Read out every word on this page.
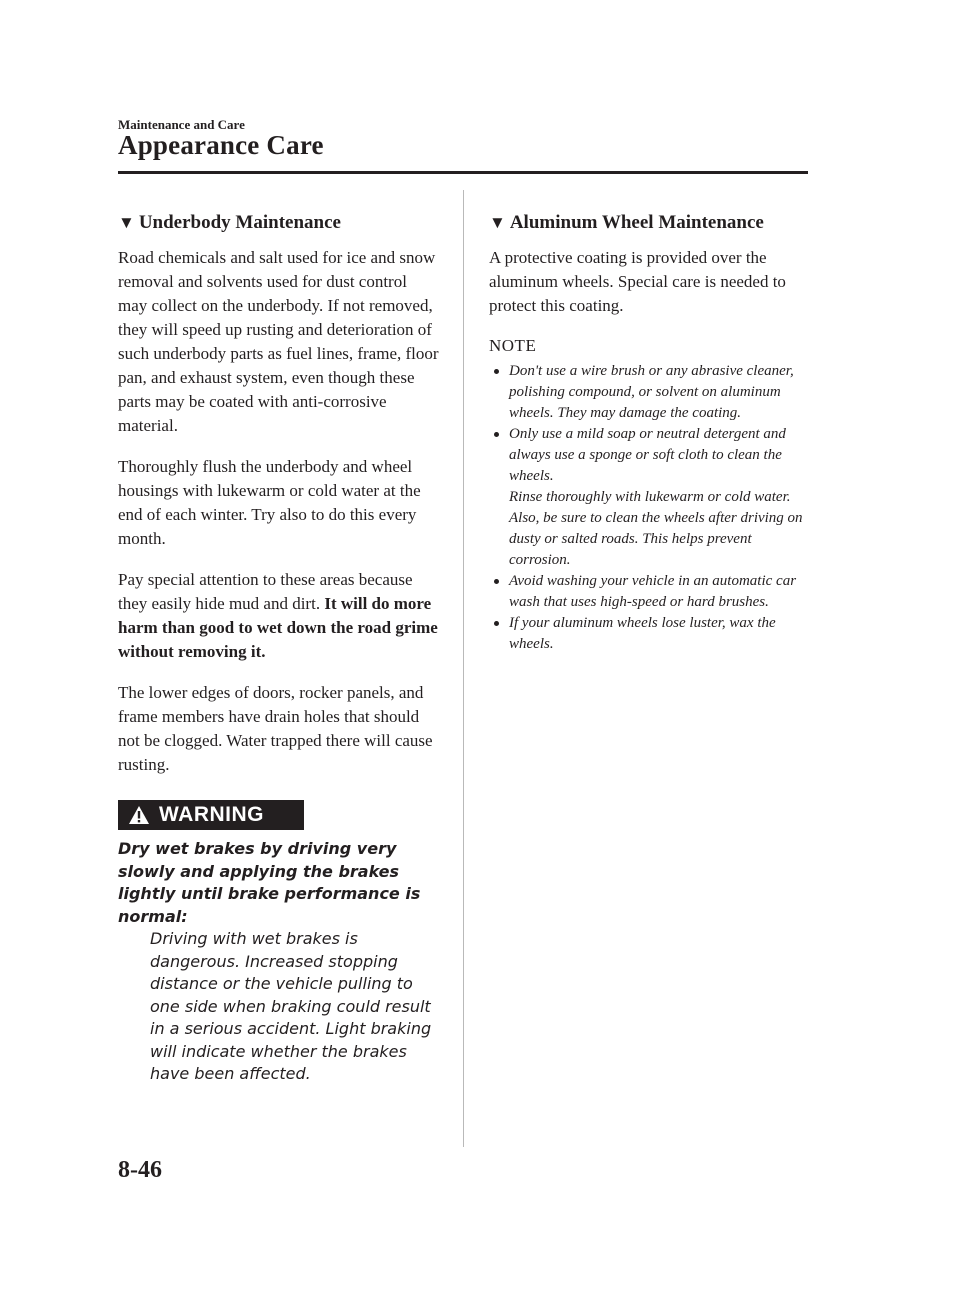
Maintenance and Care
Appearance Care
▼ Underbody Maintenance

Road chemicals and salt used for ice and snow removal and solvents used for dust control may collect on the underbody. If not removed, they will speed up rusting and deterioration of such underbody parts as fuel lines, frame, floor pan, and exhaust system, even though these parts may be coated with anti-corrosive material.

Thoroughly flush the underbody and wheel housings with lukewarm or cold water at the end of each winter. Try also to do this every month.

Pay special attention to these areas because they easily hide mud and dirt. It will do more harm than good to wet down the road grime without removing it.

The lower edges of doors, rocker panels, and frame members have drain holes that should not be clogged. Water trapped there will cause rusting.

WARNING
Dry wet brakes by driving very slowly and applying the brakes lightly until brake performance is normal:
Driving with wet brakes is dangerous. Increased stopping distance or the vehicle pulling to one side when braking could result in a serious accident. Light braking will indicate whether the brakes have been affected.
▼ Aluminum Wheel Maintenance

A protective coating is provided over the aluminum wheels. Special care is needed to protect this coating.

NOTE
Don't use a wire brush or any abrasive cleaner, polishing compound, or solvent on aluminum wheels. They may damage the coating.
Only use a mild soap or neutral detergent and always use a sponge or soft cloth to clean the wheels.
Rinse thoroughly with lukewarm or cold water. Also, be sure to clean the wheels after driving on dusty or salted roads. This helps prevent corrosion.
Avoid washing your vehicle in an automatic car wash that uses high-speed or hard brushes.
If your aluminum wheels lose luster, wax the wheels.
8-46
